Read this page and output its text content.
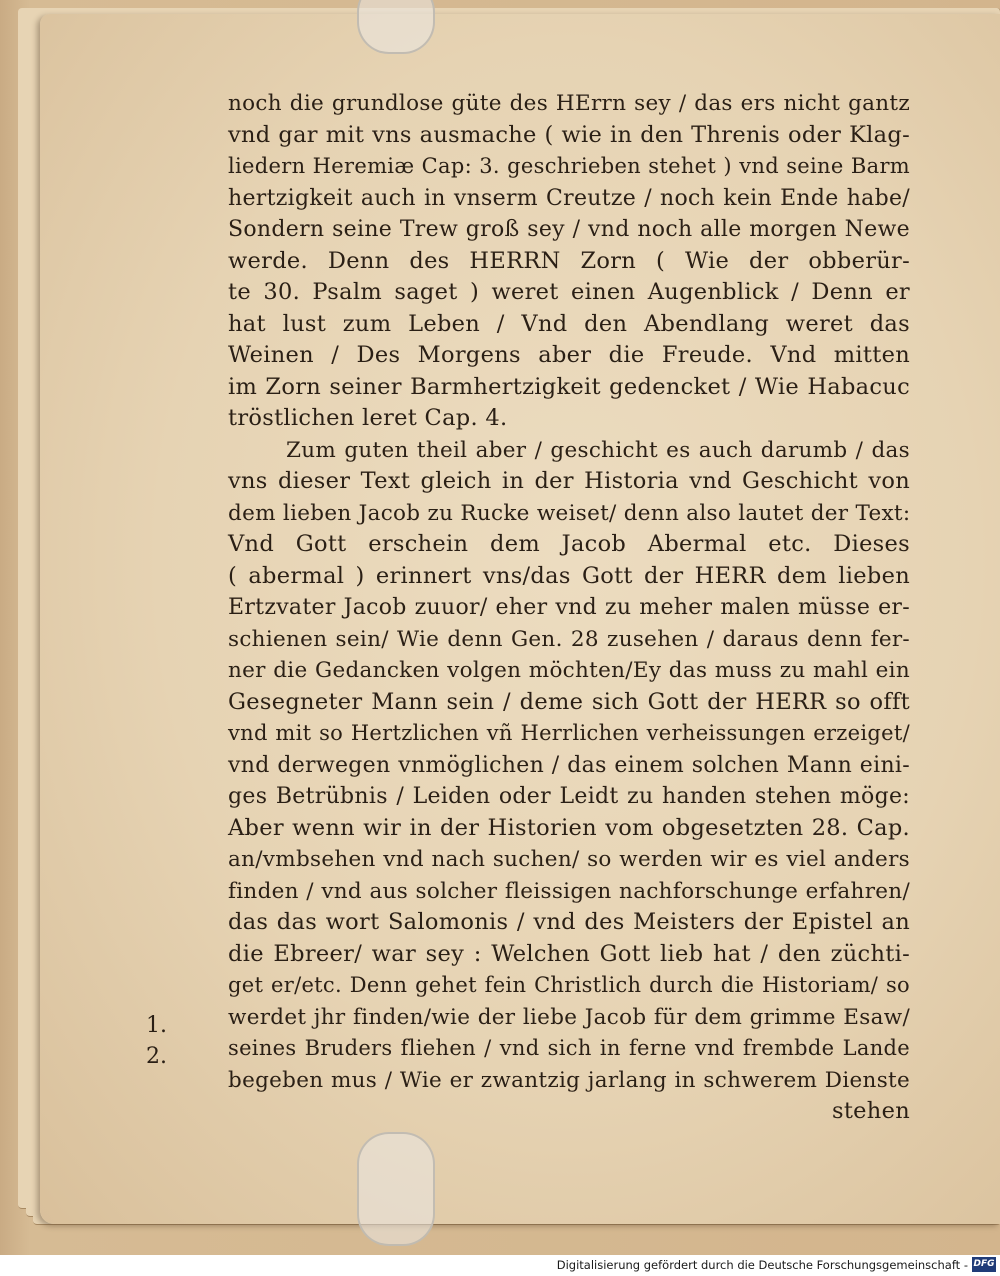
noch die grundlose güte des HErrn sey / das ers nicht gantz
vnd gar mit vns ausmache ( wie in den Threnis oder Klag-
liedern Heremiæ Cap: 3. geschrieben stehet ) vnd seine Barm
hertzigkeit auch in vnserm Creutze / noch kein Ende habe/
Sondern seine Trew groß sey / vnd noch alle morgen Newe
werde. Denn des HERRN Zorn ( Wie der obberür-
te 30. Psalm saget ) weret einen Augenblick / Denn er
hat lust zum Leben / Vnd den Abendlang weret das
Weinen / Des Morgens aber die Freude. Vnd mitten
im Zorn seiner Barmhertzigkeit gedencket / Wie Habacuc
tröstlichen leret Cap. 4.
Zum guten theil aber / geschicht es auch darumb / das
vns dieser Text gleich in der Historia vnd Geschicht von
dem lieben Jacob zu Rucke weiset/ denn also lautet der Text:
Vnd Gott erschein dem Jacob Abermal etc. Dieses
( abermal ) erinnert vns/das Gott der HERR dem lieben
Ertzvater Jacob zuuor/ eher vnd zu meher malen müsse er-
schienen sein/ Wie denn Gen. 28 zusehen / daraus denn fer-
ner die Gedancken volgen möchten/Ey das muss zu mahl ein
Gesegneter Mann sein / deme sich Gott der HERR so offt
vnd mit so Hertzlichen vñ Herrlichen verheissungen erzeiget/
vnd derwegen vnmöglichen / das einem solchen Mann eini-
ges Betrübnis / Leiden oder Leidt zu handen stehen möge:
Aber wenn wir in der Historien vom obgesetzten 28. Cap.
an/vmbsehen vnd nach suchen/ so werden wir es viel anders
finden / vnd aus solcher fleissigen nachforschunge erfahren/
das das wort Salomonis / vnd des Meisters der Epistel an
die Ebreer/ war sey : Welchen Gott lieb hat / den züchti-
get er/etc. Denn gehet fein Christlich durch die Historiam/ so
werdet jhr finden/wie der liebe Jacob für dem grimme Esaw/
seines Bruders fliehen / vnd sich in ferne vnd frembde Lande
begeben mus / Wie er zwantzig jarlang in schwerem Dienste
stehen
1.
2.
Digitalisierung gefördert durch die Deutsche Forschungsgemeinschaft - DFG
